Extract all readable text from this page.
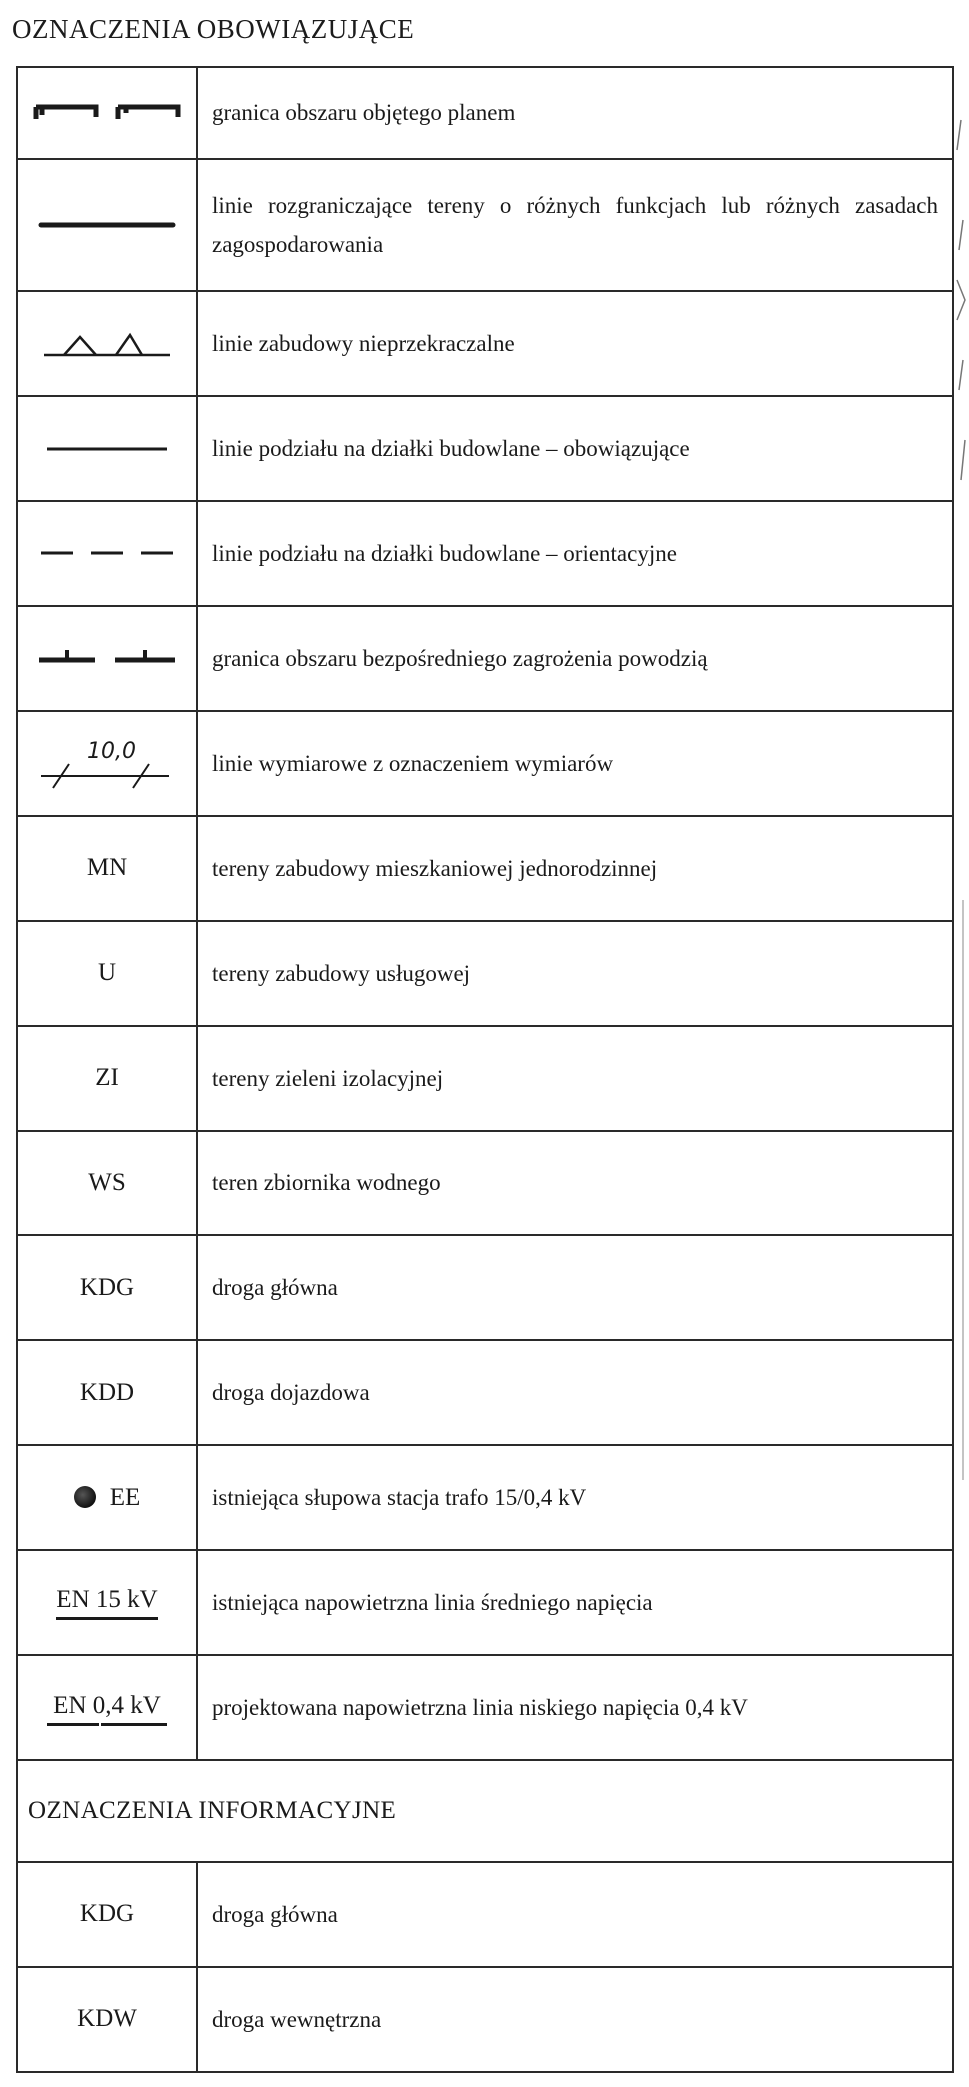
OZNACZENIA OBOWIĄZUJĄCE
	granica obszaru objętego planem

	linie rozgraniczające tereny o różnych funkcjach lub różnych zasadach zagospodarowania

	linie zabudowy nieprzekraczalne

	linie podziału na działki budowlane – obowiązujące

	linie podziału na działki budowlane – orientacyjne

	granica obszaru bezpośredniego zagrożenia powodzią

10,0	linie wymiarowe z oznaczeniem wymiarów
MN	tereny zabudowy mieszkaniowej jednorodzinnej
U	tereny zabudowy usługowej
ZI	tereny zieleni izolacyjnej
WS	teren zbiornika wodnego
KDG	droga główna
KDD	droga dojazdowa
EE	istniejąca słupowa stacja trafo 15/0,4 kV
EN 15 kV	istniejąca napowietrzna linia średniego napięcia
EN 0,4 kV	projektowana napowietrzna linia niskiego napięcia 0,4 kV
OZNACZENIA INFORMACYJNE	
KDG	droga główna
KDW	droga wewnętrzna
